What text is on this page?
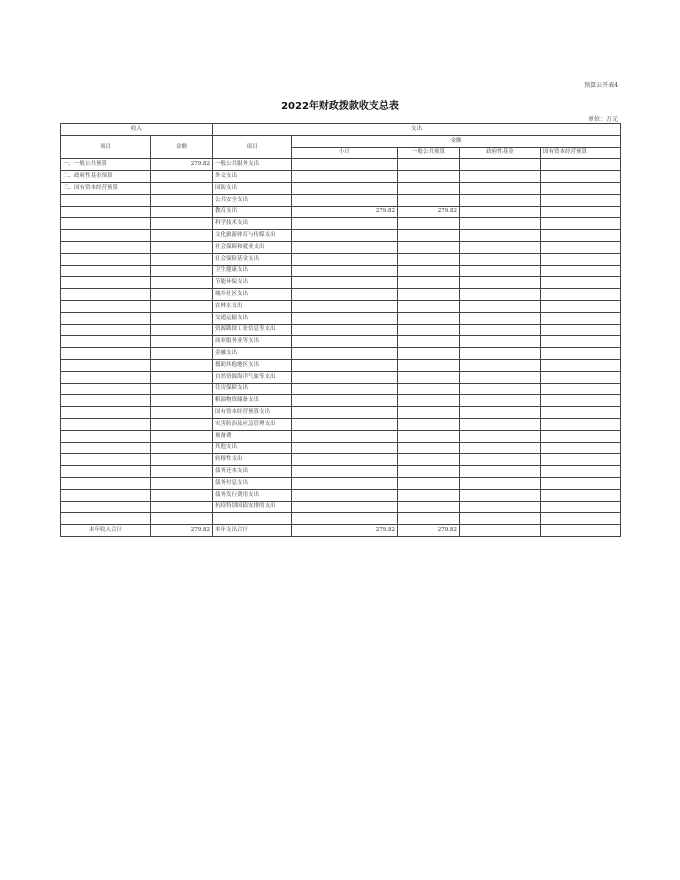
预算公开表4
2022年财政拨款收支总表
单位：万元
收入		支出				
项目	金额	项目	金额			
			小计	一般公共预算	政府性基金	国有资本经营预算
一、一般公共预算	279.82	一般公共服务支出				
二、政府性基金预算		外交支出				
三、国有资本经营预算		国防支出				
		公共安全支出				
		教育支出	279.82	279.82		
		科学技术支出				
		文化旅游体育与传媒支出				
		社会保障和就业支出				
		社会保险基金支出				
		卫生健康支出				
		节能环保支出				
		城乡社区支出				
		农林水支出				
		交通运输支出				
		资源勘探工业信息等支出				
		商业服务业等支出				
		金融支出				
		援助其他地区支出				
		自然资源海洋气象等支出				
		住房保障支出				
		粮油物资储备支出				
		国有资本经营预算支出				
		灾害防治及应急管理支出				
		预备费				
		其他支出				
		转移性支出				
		债务还本支出				
		债务付息支出				
		债务发行费用支出				
		抗疫特别国债安排的支出				

本年收入合计	279.82	本年支出合计	279.82	279.82		
